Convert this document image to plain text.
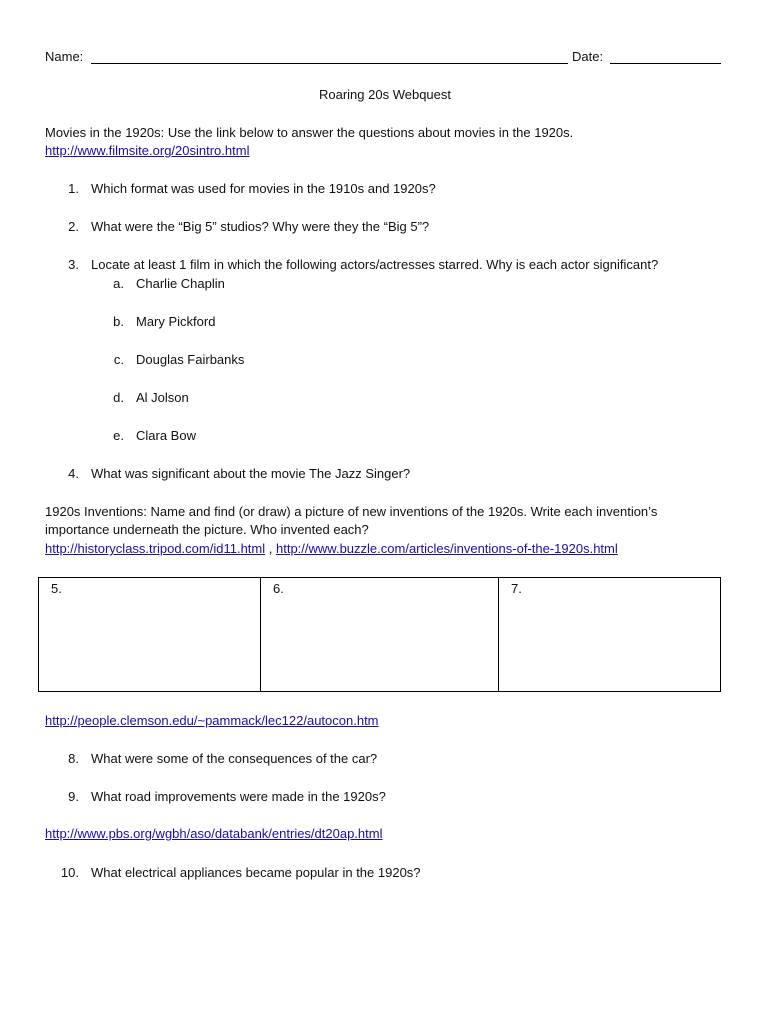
Name:	Date:
Roaring 20s Webquest
Movies in the 1920s: Use the link below to answer the questions about movies in the 1920s.
http://www.filmsite.org/20sintro.html
1. Which format was used for movies in the 1910s and 1920s?
2. What were the “Big 5” studios? Why were they the “Big 5”?
3. Locate at least 1 film in which the following actors/actresses starred. Why is each actor significant?
a. Charlie Chaplin
b. Mary Pickford
c. Douglas Fairbanks
d. Al Jolson
e. Clara Bow
4. What was significant about the movie The Jazz Singer?
1920s Inventions: Name and find (or draw) a picture of new inventions of the 1920s. Write each invention’s
importance underneath the picture. Who invented each?
http://historyclass.tripod.com/id11.html , http://www.buzzle.com/articles/inventions-of-the-1920s.html
5.	6.	7.
http://people.clemson.edu/~pammack/lec122/autocon.htm
8. What were some of the consequences of the car?
9. What road improvements were made in the 1920s?
http://www.pbs.org/wgbh/aso/databank/entries/dt20ap.html
10. What electrical appliances became popular in the 1920s?
